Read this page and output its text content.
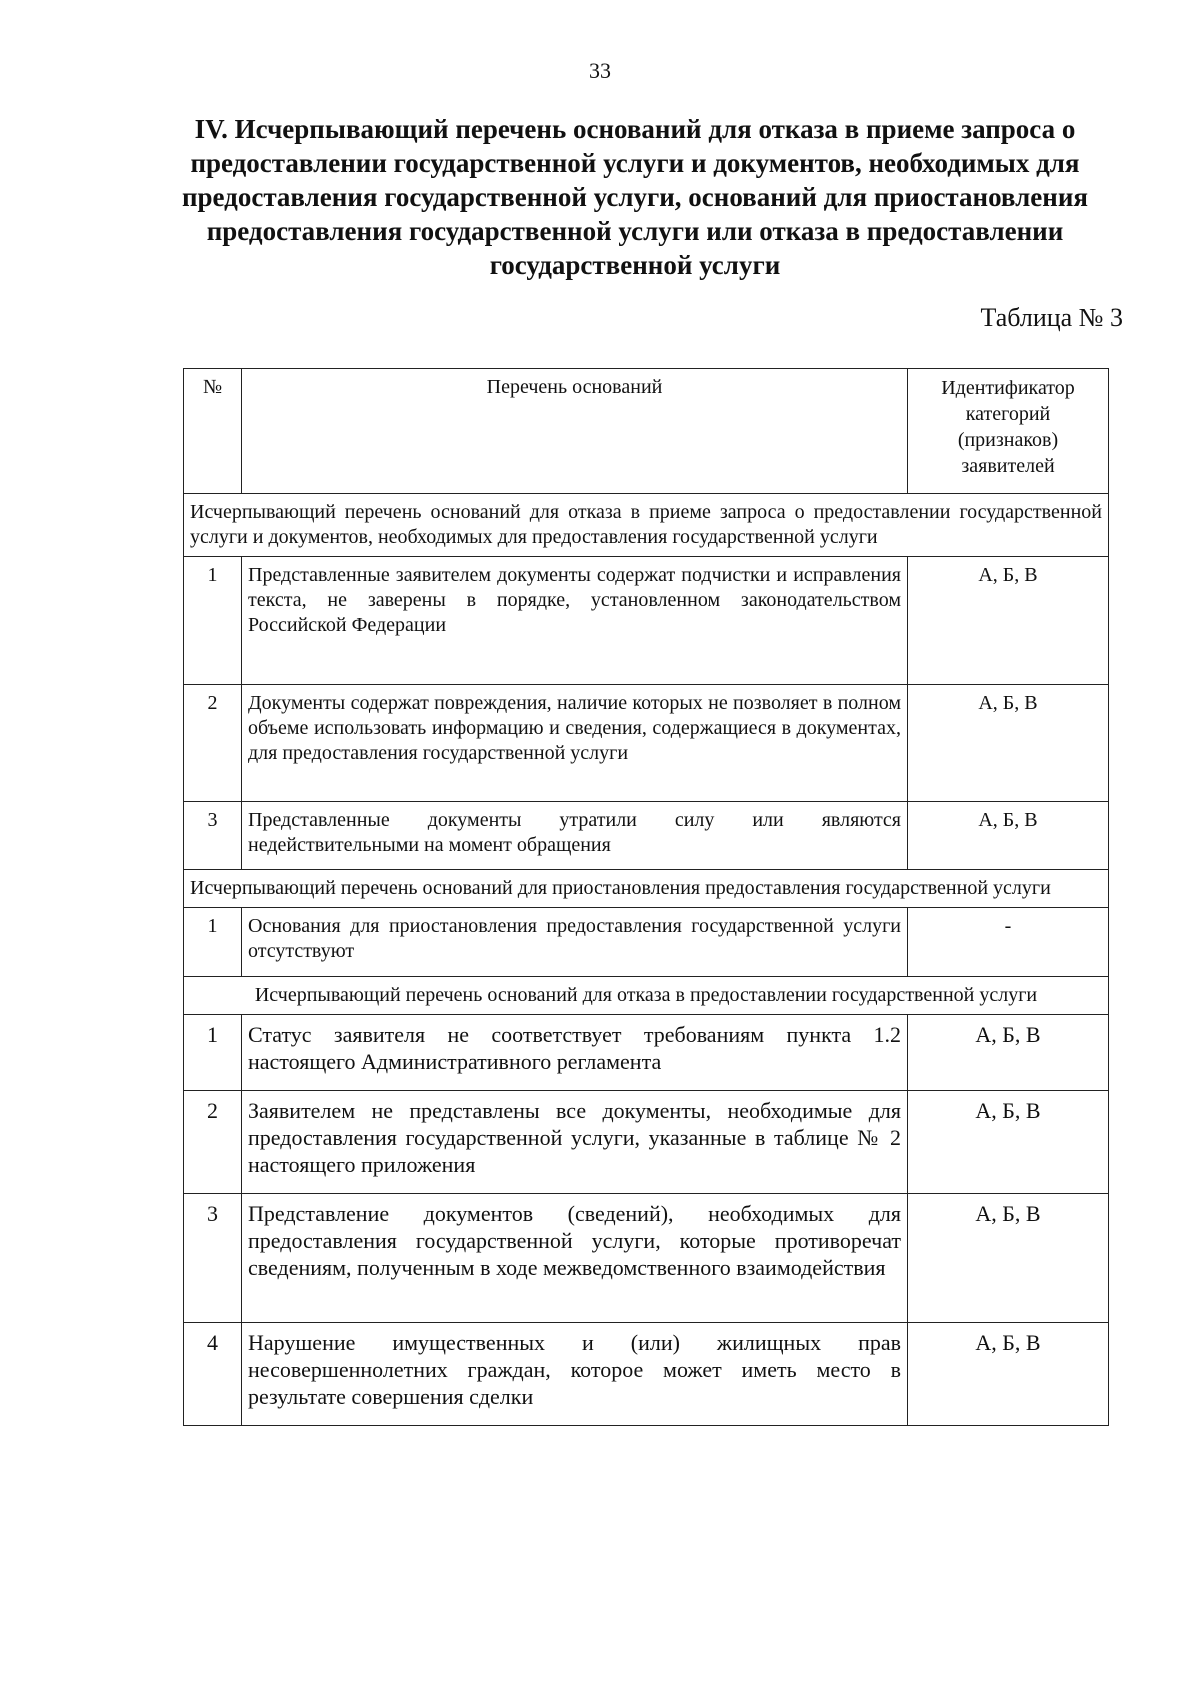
33
IV. Исчерпывающий перечень оснований для отказа в приеме запроса о предоставлении государственной услуги и документов, необходимых для предоставления государственной услуги, оснований для приостановления предоставления государственной услуги или отказа в предоставлении государственной услуги
Таблица № 3
№	Перечень оснований	Идентификатор категорий (признаков) заявителей
Исчерпывающий перечень оснований для отказа в приеме запроса о предоставлении государственной услуги и документов, необходимых для предоставления государственной услуги		
1	Представленные заявителем документы содержат подчистки и исправления текста, не заверены в порядке, установленном законодательством Российской Федерации	А, Б, В
2	Документы содержат повреждения, наличие которых не позволяет в полном объеме использовать информацию и сведения, содержащиеся в документах, для предоставления государственной услуги	А, Б, В
3	Представленные документы утратили силу или являются недействительными на момент обращения	А, Б, В
Исчерпывающий перечень оснований для приостановления предоставления государственной услуги		
1	Основания для приостановления предоставления государственной услуги отсутствуют	-
Исчерпывающий перечень оснований для отказа в предоставлении государственной услуги		
1	Статус заявителя не соответствует требованиям пункта 1.2 настоящего Административного регламента	А, Б, В
2	Заявителем не представлены все документы, необходимые для предоставления государственной услуги, указанные в таблице № 2 настоящего приложения	А, Б, В
3	Представление документов (сведений), необходимых для предоставления государственной услуги, которые противоречат сведениям, полученным в ходе межведомственного взаимодействия	А, Б, В
4	Нарушение имущественных и (или) жилищных прав несовершеннолетних граждан, которое может иметь место в результате совершения сделки	А, Б, В
